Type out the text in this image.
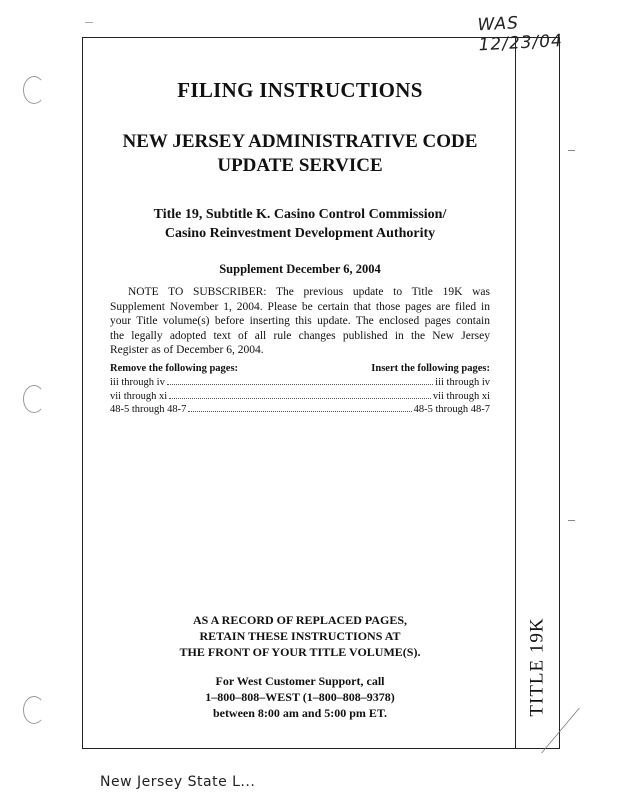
WAS 12/23/04
TITLE 19K
FILING INSTRUCTIONS
NEW JERSEY ADMINISTRATIVE CODE
UPDATE SERVICE
Title 19, Subtitle K. Casino Control Commission/
Casino Reinvestment Development Authority
Supplement December 6, 2004

NOTE TO SUBSCRIBER: The previous update to Title 19K was

Supplement November 1, 2004. Please be certain that those pages are filed in

your Title volume(s) before inserting this update. The enclosed pages contain

the legally adopted text of all rule changes published in the New Jersey

Register as of December 6, 2004.

Remove the following pages:	Insert the following pages:
iii through iv	iii through iv
vii through xi	vii through xi
48-5 through 48-7	48-5 through 48-7
AS A RECORD OF REPLACED PAGES,
RETAIN THESE INSTRUCTIONS AT
THE FRONT OF YOUR TITLE VOLUME(S).
For West Customer Support, call
1–800–808–WEST (1–800–808–9378)
between 8:00 am and 5:00 pm ET.
New Jersey State L...
